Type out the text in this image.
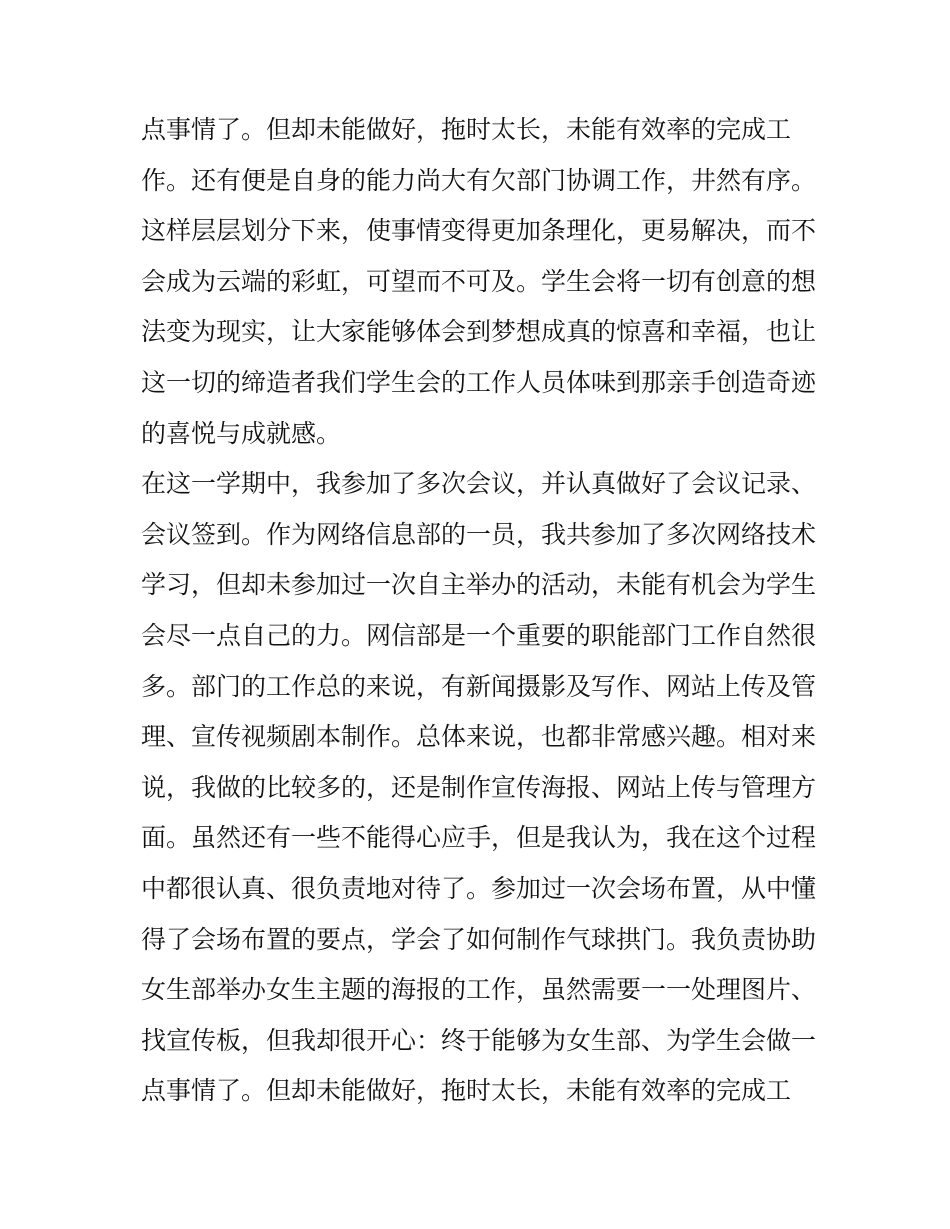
点事情了。但却未能做好，拖时太长，未能有效率的完成工
作。还有便是自身的能力尚大有欠部门协调工作，井然有序。
这样层层划分下来，使事情变得更加条理化，更易解决，而不
会成为云端的彩虹，可望而不可及。学生会将一切有创意的想
法变为现实，让大家能够体会到梦想成真的惊喜和幸福，也让
这一切的缔造者我们学生会的工作人员体味到那亲手创造奇迹
的喜悦与成就感。
在这一学期中，我参加了多次会议，并认真做好了会议记录、
会议签到。作为网络信息部的一员，我共参加了多次网络技术
学习，但却未参加过一次自主举办的活动，未能有机会为学生
会尽一点自己的力。网信部是一个重要的职能部门工作自然很
多。部门的工作总的来说，有新闻摄影及写作、网站上传及管
理、宣传视频剧本制作。总体来说，也都非常感兴趣。相对来
说，我做的比较多的，还是制作宣传海报、网站上传与管理方
面。虽然还有一些不能得心应手，但是我认为，我在这个过程
中都很认真、很负责地对待了。参加过一次会场布置，从中懂
得了会场布置的要点，学会了如何制作气球拱门。我负责协助
女生部举办女生主题的海报的工作，虽然需要一一处理图片、
找宣传板，但我却很开心：终于能够为女生部、为学生会做一
点事情了。但却未能做好，拖时太长，未能有效率的完成工
